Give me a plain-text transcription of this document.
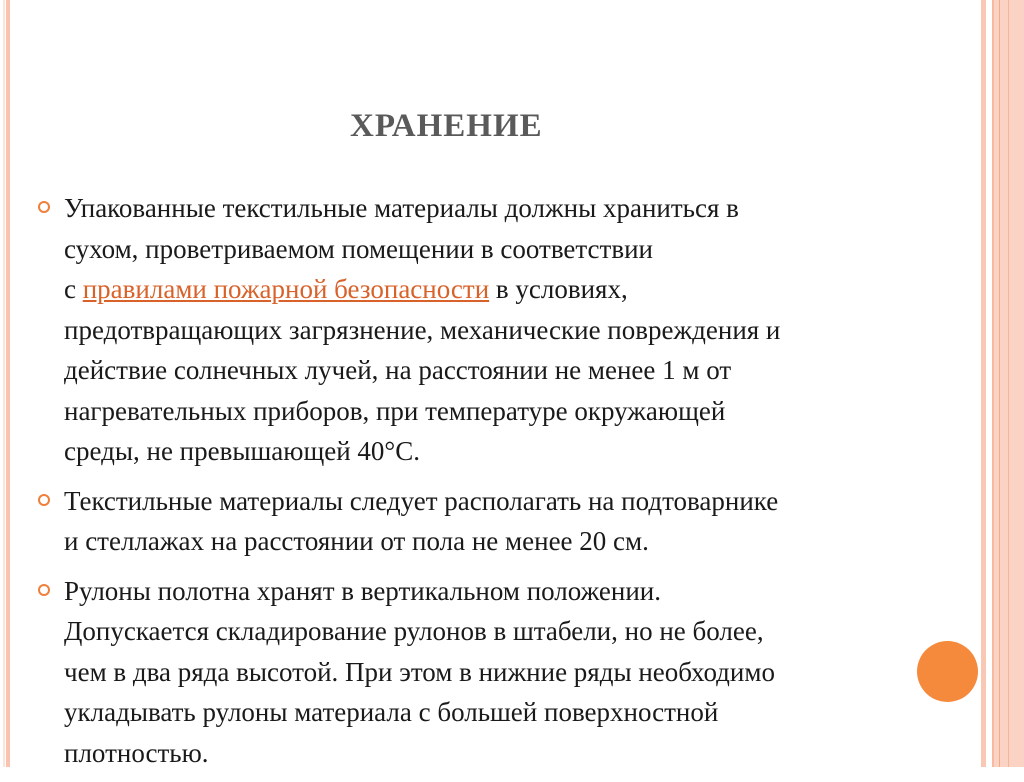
ХРАНЕНИЕ
Упакованные текстильные материалы должны храниться в
сухом, проветриваемом помещении в соответствии
с правилами пожарной безопасности в условиях,
предотвращающих загрязнение, механические повреждения и
действие солнечных лучей, на расстоянии не менее 1 м от
нагревательных приборов, при температуре окружающей
среды, не превышающей 40°С.
Текстильные материалы следует располагать на подтоварнике
и стеллажах на расстоянии от пола не менее 20 см.
Рулоны полотна хранят в вертикальном положении.
Допускается складирование рулонов в штабели, но не более,
чем в два ряда высотой. При этом в нижние ряды необходимо
укладывать рулоны материала с большей поверхностной
плотностью.
